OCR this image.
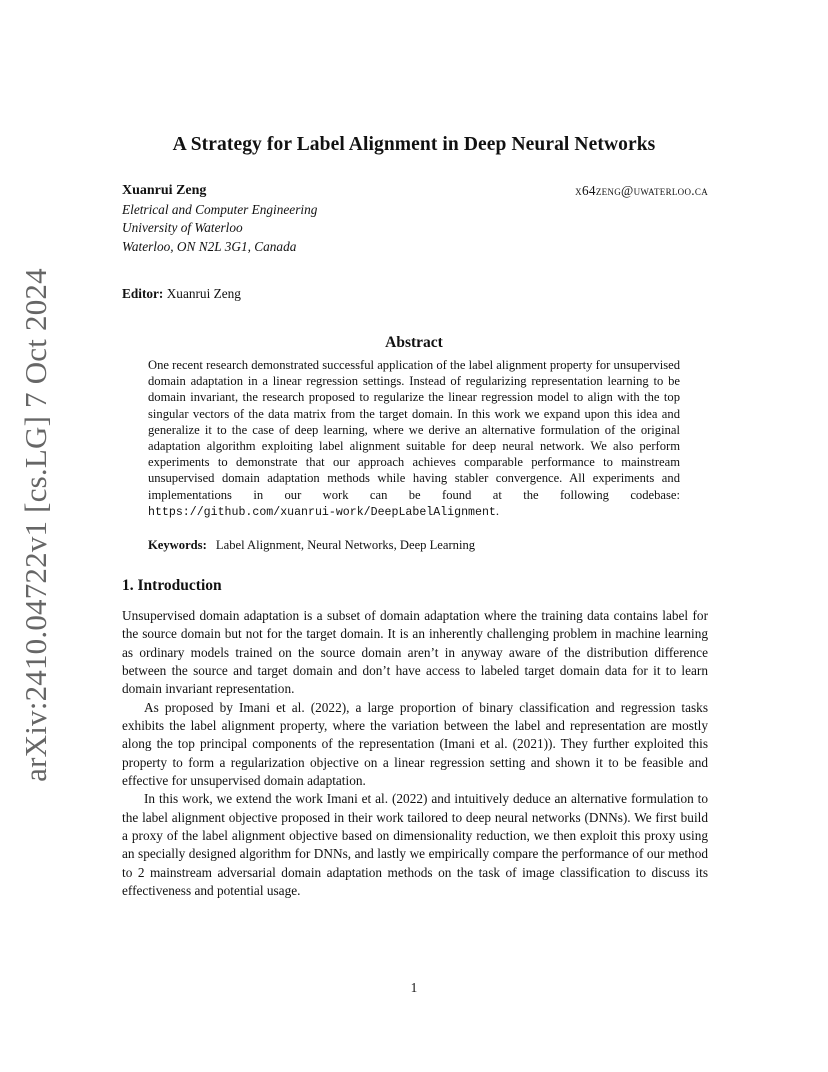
arXiv:2410.04722v1 [cs.LG] 7 Oct 2024
A Strategy for Label Alignment in Deep Neural Networks
Xuanrui Zeng	x64zeng@uwaterloo.ca
Eletrical and Computer Engineering
University of Waterloo
Waterloo, ON N2L 3G1, Canada
Editor: Xuanrui Zeng
Abstract
One recent research demonstrated successful application of the label alignment property for unsupervised domain adaptation in a linear regression settings. Instead of regularizing representation learning to be domain invariant, the research proposed to regularize the linear regression model to align with the top singular vectors of the data matrix from the target domain. In this work we expand upon this idea and generalize it to the case of deep learning, where we derive an alternative formulation of the original adaptation algorithm exploiting label alignment suitable for deep neural network. We also perform experiments to demonstrate that our approach achieves comparable performance to mainstream unsupervised domain adaptation methods while having stabler convergence. All experiments and implementations in our work can be found at the following codebase: https://github.com/xuanrui-work/DeepLabelAlignment.
Keywords: Label Alignment, Neural Networks, Deep Learning
1. Introduction

Unsupervised domain adaptation is a subset of domain adaptation where the training data contains label for the source domain but not for the target domain. It is an inherently challenging problem in machine learning as ordinary models trained on the source domain aren’t in anyway aware of the distribution difference between the source and target domain and don’t have access to labeled target domain data for it to learn domain invariant representation.

As proposed by Imani et al. (2022), a large proportion of binary classification and regression tasks exhibits the label alignment property, where the variation between the label and representation are mostly along the top principal components of the representation (Imani et al. (2021)). They further exploited this property to form a regularization objective on a linear regression setting and shown it to be feasible and effective for unsupervised domain adaptation.

In this work, we extend the work Imani et al. (2022) and intuitively deduce an alternative formulation to the label alignment objective proposed in their work tailored to deep neural networks (DNNs). We first build a proxy of the label alignment objective based on dimensionality reduction, we then exploit this proxy using an specially designed algorithm for DNNs, and lastly we empirically compare the performance of our method to 2 mainstream adversarial domain adaptation methods on the task of image classification to discuss its effectiveness and potential usage.

1
